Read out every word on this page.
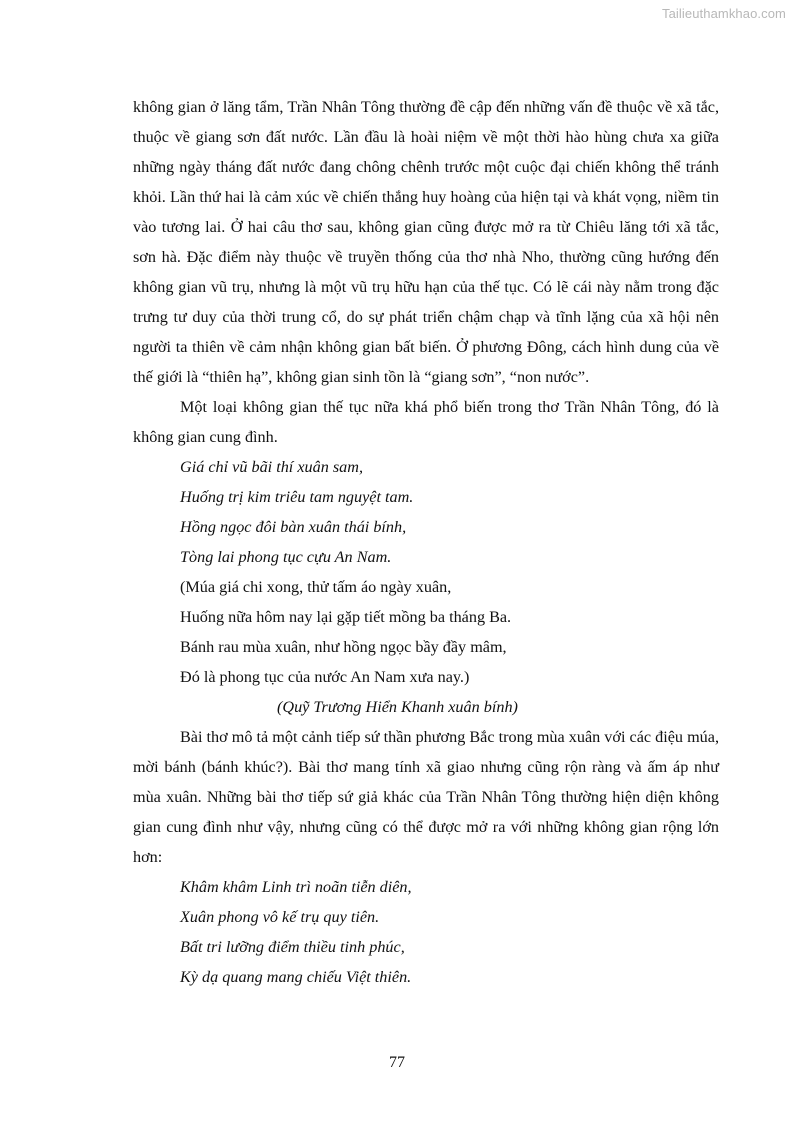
Tailieuthamkhao.com

không gian ở lăng tẩm, Trần Nhân Tông thường đề cập đến những vấn đề thuộc về xã tắc, thuộc về giang sơn đất nước. Lần đầu là hoài niệm về một thời hào hùng chưa xa giữa những ngày tháng đất nước đang chông chênh trước một cuộc đại chiến không thể tránh khỏi. Lần thứ hai là cảm xúc về chiến thắng huy hoàng của hiện tại và khát vọng, niềm tin vào tương lai. Ở hai câu thơ sau, không gian cũng được mở ra từ Chiêu lăng tới xã tắc, sơn hà. Đặc điểm này thuộc về truyền thống của thơ nhà Nho, thường cũng hướng đến không gian vũ trụ, nhưng là một vũ trụ hữu hạn của thế tục. Có lẽ cái này nằm trong đặc trưng tư duy của thời trung cổ, do sự phát triển chậm chạp và tĩnh lặng của xã hội nên người ta thiên về cảm nhận không gian bất biến. Ở phương Đông, cách hình dung của về thế giới là “thiên hạ”, không gian sinh tồn là “giang sơn”, “non nước”.

Một loại không gian thế tục nữa khá phổ biến trong thơ Trần Nhân Tông, đó là không gian cung đình.

Giá chỉ vũ bãi thí xuân sam,
Huống trị kim triêu tam nguyệt tam.
Hồng ngọc đôi bàn xuân thái bính,
Tòng lai phong tục cựu An Nam.
(Múa giá chi xong, thử tấm áo ngày xuân,
Huống nữa hôm nay lại gặp tiết mồng ba tháng Ba.
Bánh rau mùa xuân, như hồng ngọc bầy đầy mâm,
Đó là phong tục của nước An Nam xưa nay.)

(Quỹ Trương Hiển Khanh xuân bính)

Bài thơ mô tả một cảnh tiếp sứ thần phương Bắc trong mùa xuân với các điệu múa, mời bánh (bánh khúc?). Bài thơ mang tính xã giao nhưng cũng rộn ràng và ấm áp như mùa xuân. Những bài thơ tiếp sứ giả khác của Trần Nhân Tông thường hiện diện không gian cung đình như vậy, nhưng cũng có thể được mở ra với những không gian rộng lớn hơn:

Khâm khâm Linh trì noãn tiễn diên,
Xuân phong vô kế trụ quy tiên.
Bất tri lưỡng điểm thiều tinh phúc,
Kỳ dạ quang mang chiếu Việt thiên.
77
